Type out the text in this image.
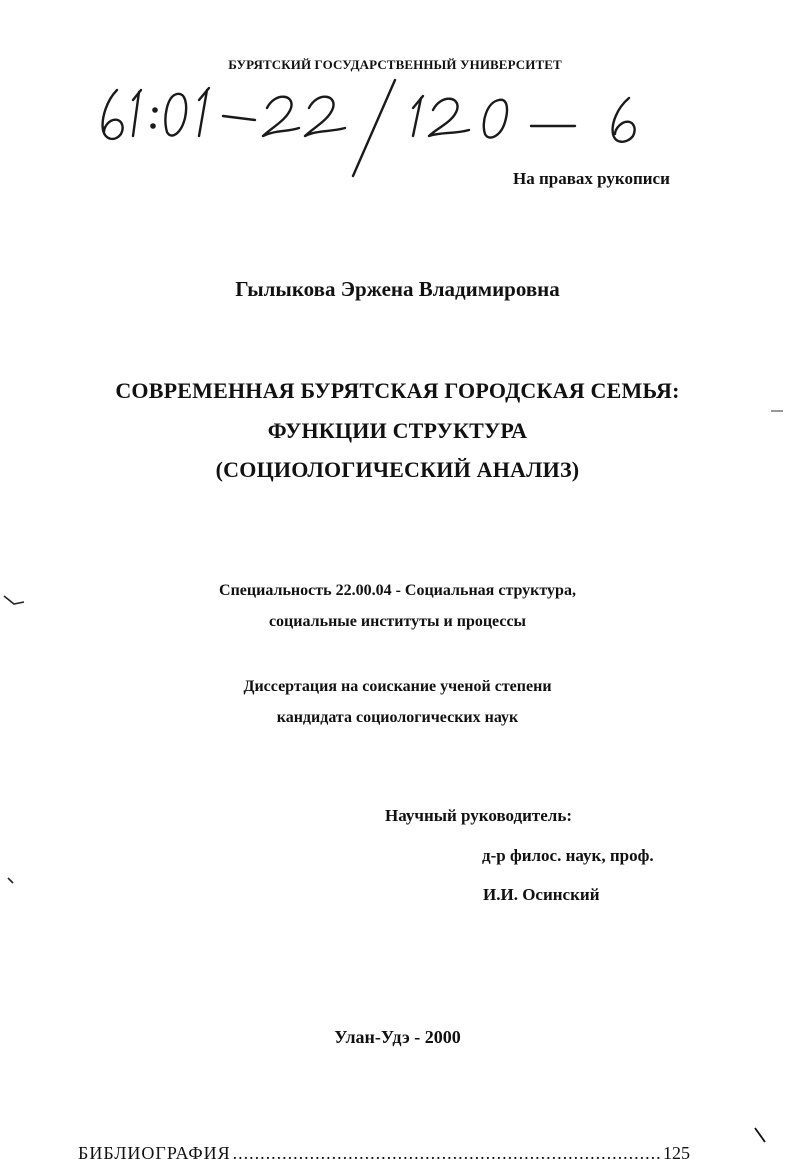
БУРЯТСКИЙ ГОСУДАРСТВЕННЫЙ УНИВЕРСИТЕТ
На правах рукописи
Гылыкова Эржена Владимировна
СОВРЕМЕННАЯ БУРЯТСКАЯ ГОРОДСКАЯ СЕМЬЯ:
ФУНКЦИИ СТРУКТУРА
(СОЦИОЛОГИЧЕСКИЙ АНАЛИЗ)
Специальность 22.00.04 - Социальная структура,
социальные институты и процессы
Диссертация на соискание ученой степени
кандидата социологических наук
Научный руководитель:
д-р филос. наук, проф.
И.И. Осинский
Улан-Удэ - 2000
БИБЛИОГРАФИЯ
.....	125
